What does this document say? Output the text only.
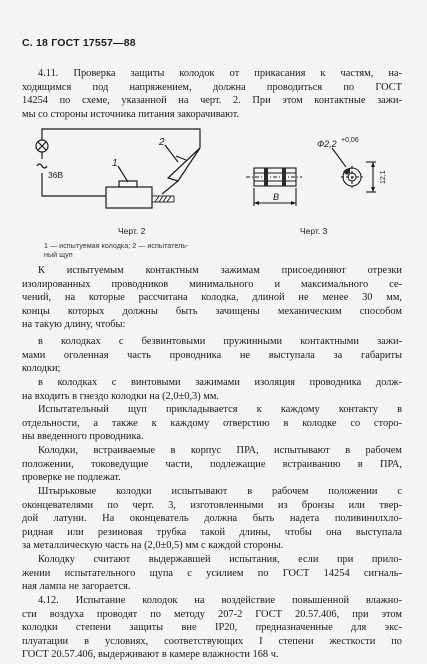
С. 18 ГОСТ 17557—88
4.11. Проверка защиты колодок от прикасания к частям, на-
ходящимся под напряжением, должна проводиться по ГОСТ
14254 по схеме, указанной на черт. 2. При этом контактные зажи-
мы со стороны источника питания закорачивают.
1
2
36В
Черт. 2
1 — испытуемая колодка; 2 — испытатель-
ный щуп
Ф2,2 +0,06
B
12,1
Черт. 3
К испытуемым контактным зажимам присоединяют отрезки
изолированных проводников минимального и максимального се-
чений, на которые рассчитана колодка, длиной не менее 30 мм,
концы которых должны быть зачищены механическим способом
на такую длину, чтобы:
в колодках с безвинтовыми пружинными контактными зажи-
мами оголенная часть проводника не выступала за габариты
колодки;
в колодках с винтовыми зажимами изоляция проводника долж-
на входить в гнездо колодки на (2,0±0,3) мм.
Испытательный щуп прикладывается к каждому контакту в
отдельности, а также к каждому отверстию в колодке со сторо-
ны введенного проводника.
Колодки, встраиваемые в корпус ПРА, испытывают в рабочем
положении, токоведущие части, подлежащие встраиванию в ПРА,
проверке не подлежат.
Штырьковые колодки испытывают в рабочем положении с
оконцевателями по черт. 3, изготовленными из бронзы или твер-
дой латуни. На оконцеватель должна быть надета поливинилхло-
ридная или резиновая трубка такой длины, чтобы она выступала
за металлическую часть на (2,0±0,5) мм с каждой стороны.
Колодку считают выдержавшей испытания, если при прило-
жении испытательного щупа с усилием по ГОСТ 14254 сигналь-
ная лампа не загорается.
4.12. Испытание колодок на воздействие повышенной влажно-
сти воздуха проводят по методу 207-2 ГОСТ 20.57.406, при этом
колодки степени защиты вне IP20, предназначенные для экс-
плуатации в условиях, соответствующих I степени жесткости по
ГОСТ 20.57.406, выдерживают в камере влажности 168 ч.
